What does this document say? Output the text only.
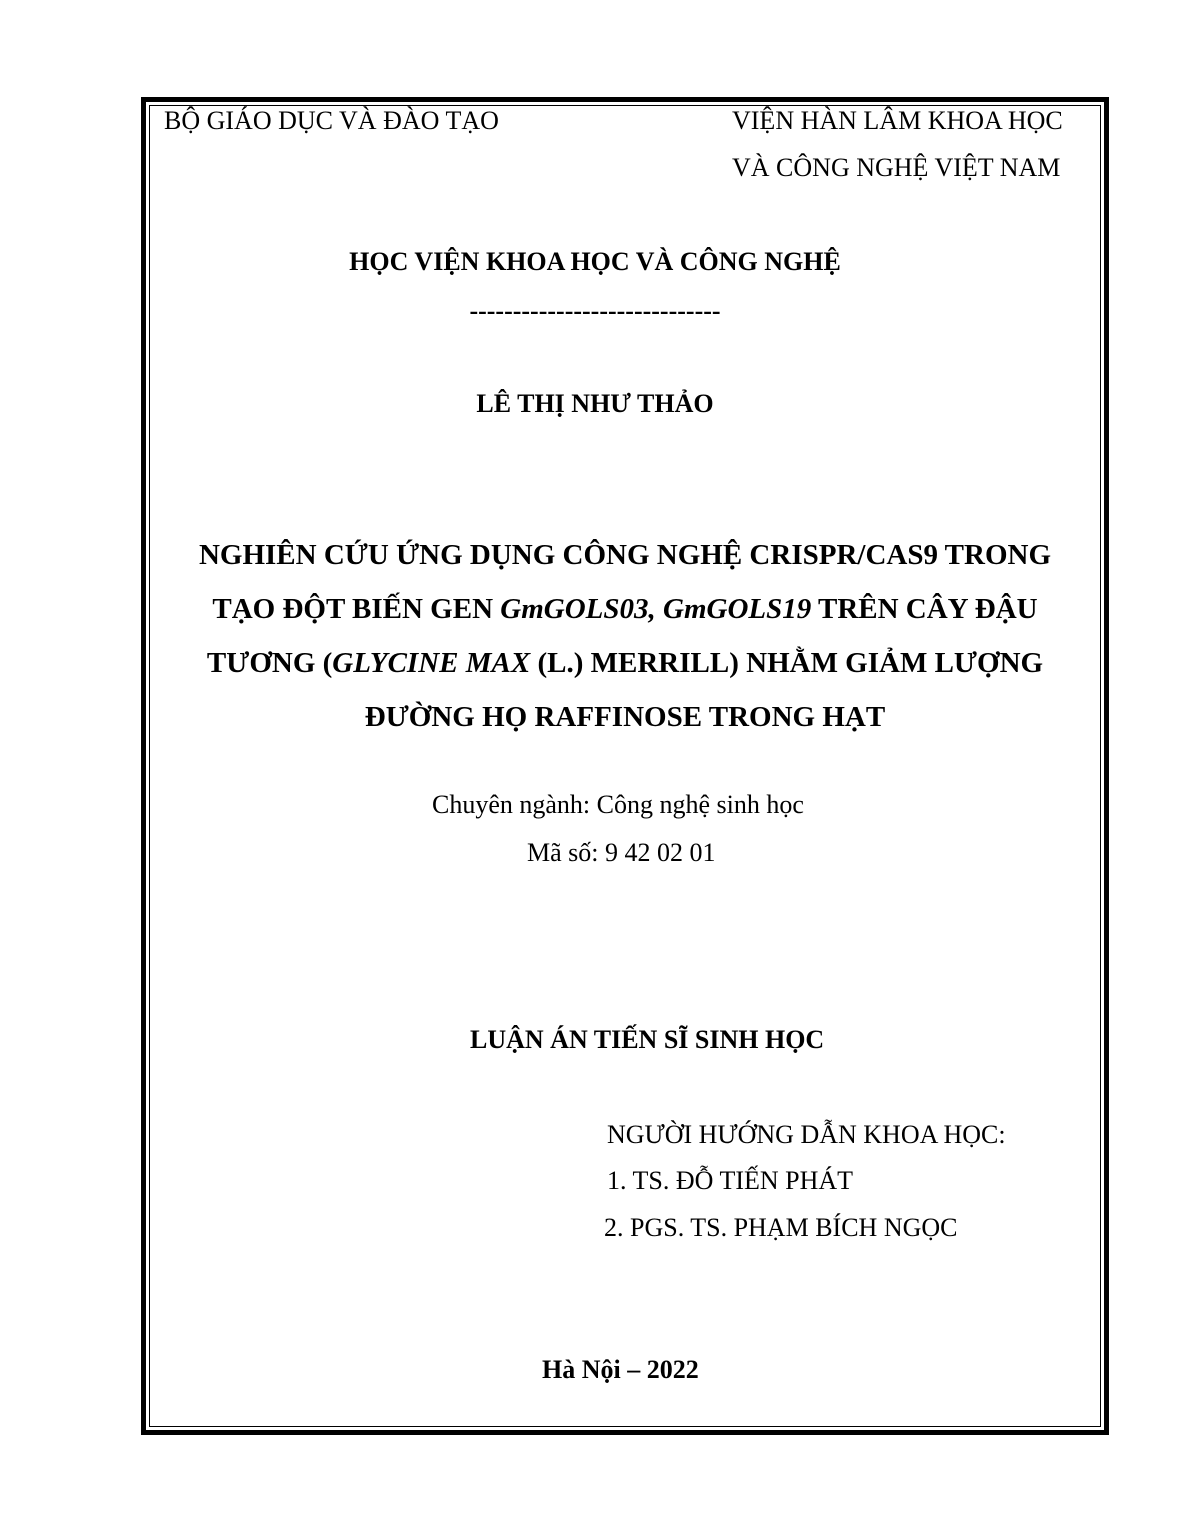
BỘ GIÁO DỤC VÀ ĐÀO TẠO	VIỆN HÀN LÂM KHOA HỌC
VÀ CÔNG NGHỆ VIỆT NAM
HỌC VIỆN KHOA HỌC VÀ CÔNG NGHỆ
-----------------------------
LÊ THỊ NHƯ THẢO
NGHIÊN CỨU ỨNG DỤNG CÔNG NGHỆ CRISPR/CAS9 TRONG
TẠO ĐỘT BIẾN GEN GmGOLS03, GmGOLS19 TRÊN CÂY ĐẬU
TƯƠNG (GLYCINE MAX (L.) MERRILL) NHẰM GIẢM LƯỢNG
ĐƯỜNG HỌ RAFFINOSE TRONG HẠT
Chuyên ngành: Công nghệ sinh học
Mã số: 9 42 02 01
LUẬN ÁN TIẾN SĨ SINH HỌC
NGƯỜI HƯỚNG DẪN KHOA HỌC:
1. TS. ĐỖ TIẾN PHÁT
2. PGS. TS. PHẠM BÍCH NGỌC
Hà Nội – 2022
